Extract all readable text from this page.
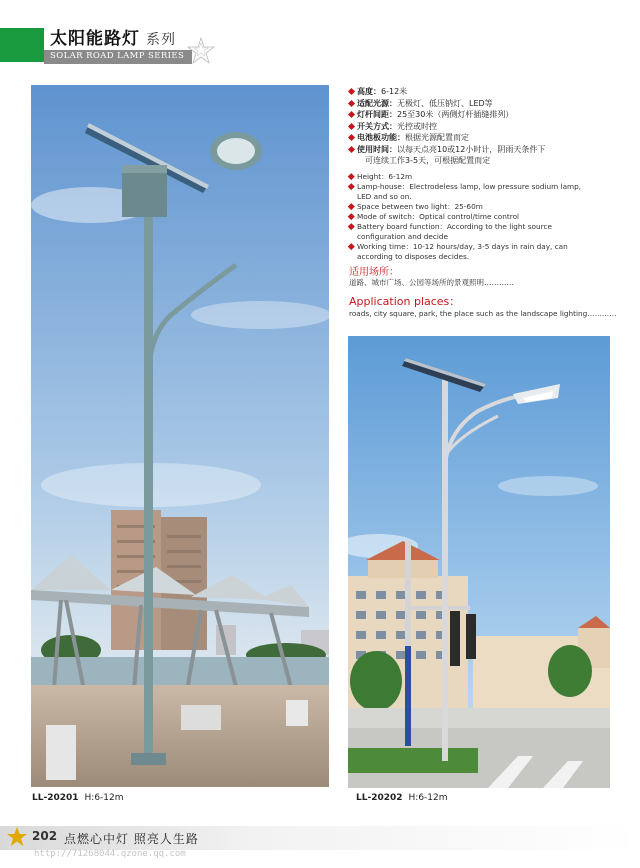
太阳能路灯 系列
SOLAR ROAD LAMP SERIES
LL-20201 H:6-12m
高度：6-12米
适配光源：无极灯、低压钠灯、LED等
灯杆间距：25至30米（两侧灯杆插缝排列）
开关方式：光控或时控
电池板功能：根据光源配置而定
使用时间：以每天点亮10或12小时计，阴雨天条件下
可连续工作3-5天，可根据配置而定
Height：6-12m
Lamp-house：Electrodeless lamp, low pressure sodium lamp,
LED and so on.
Space between two light：25-60m
Mode of switch：Optical control/time control
Battery board function：According to the light source
configuration and decide
Working time：10-12 hours/day, 3-5 days in rain day, can
according to disposes decides.
适用场所：
道路、城市广场、公园等场所的景观照明…………
Application places：
roads, city square, park, the place such as the landscape lighting…………
LL-20202 H:6-12m
202 点燃心中灯 照亮人生路
http://71268044.qzone.qq.com
